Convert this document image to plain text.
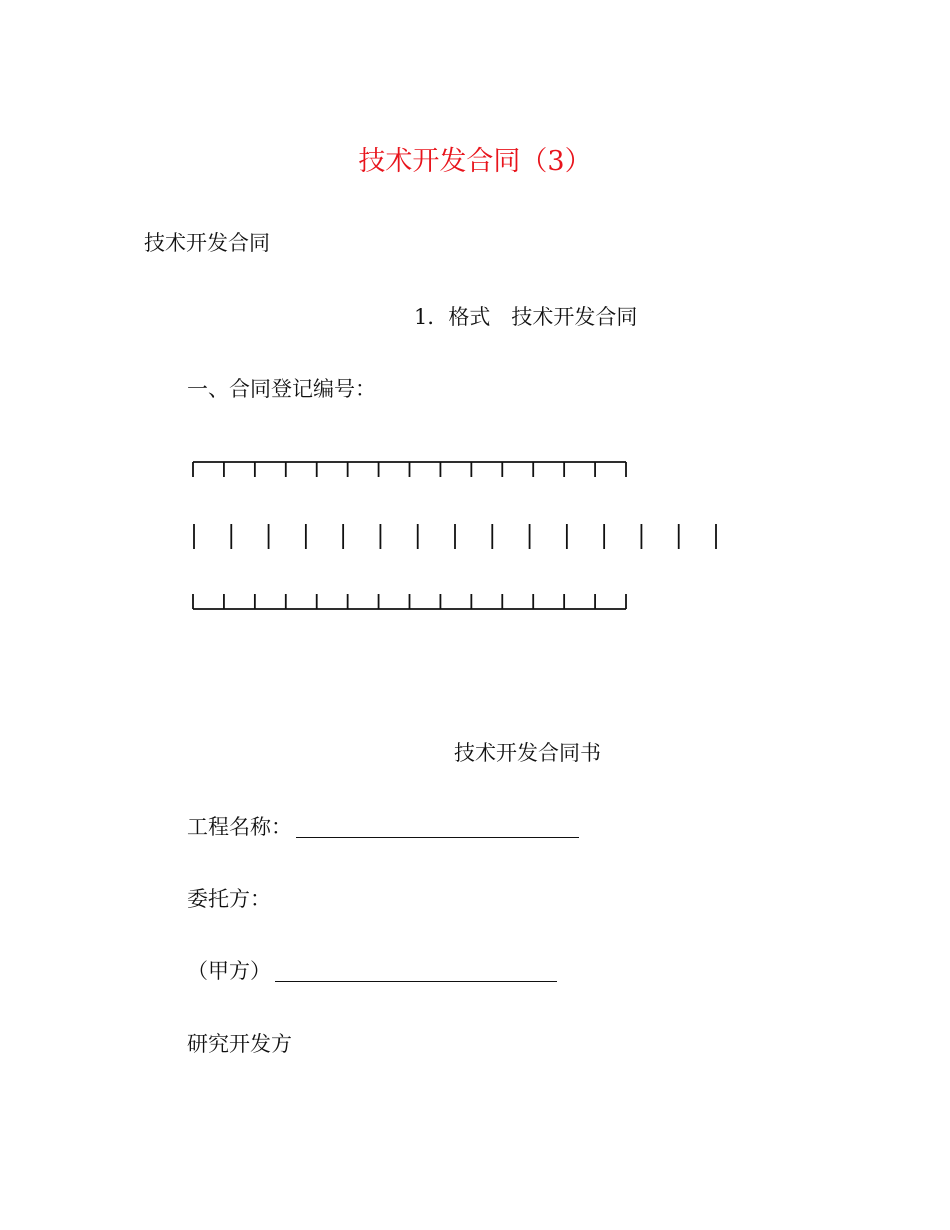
技术开发合同（3）
技术开发合同
1．格式　技术开发合同
一、合同登记编号：
技术开发合同书
工程名称：
委托方：
（甲方）
研究开发方
